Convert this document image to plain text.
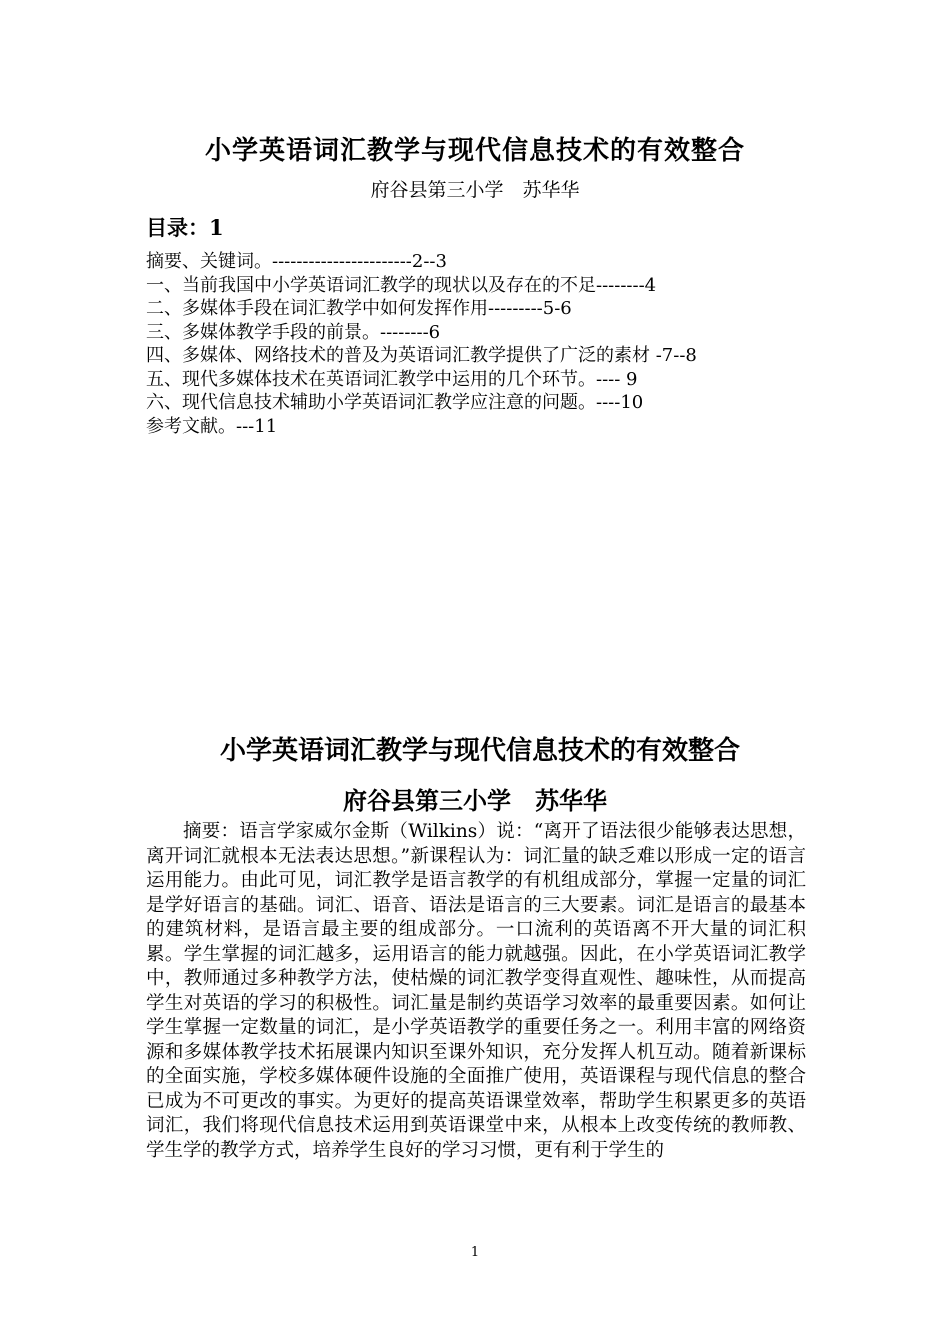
小学英语词汇教学与现代信息技术的有效整合
府谷县第三小学　苏华华
目录：1
摘要、关键词。-----------------------2--3
一、当前我国中小学英语词汇教学的现状以及存在的不足--------4
二、多媒体手段在词汇教学中如何发挥作用---------5-6
三、多媒体教学手段的前景。--------6
四、多媒体、网络技术的普及为英语词汇教学提供了广泛的素材 -7--8
五、现代多媒体技术在英语词汇教学中运用的几个环节。---- 9
六、现代信息技术辅助小学英语词汇教学应注意的问题。----10
参考文献。---11
小学英语词汇教学与现代信息技术的有效整合
府谷县第三小学　苏华华

摘要：语言学家威尔金斯（Wilkins）说：“离开了语法很少能够表达思想，离开词汇就根本无法表达思想。”新课程认为：词汇量的缺乏难以形成一定的语言运用能力。由此可见，词汇教学是语言教学的有机组成部分，掌握一定量的词汇是学好语言的基础。词汇、语音、语法是语言的三大要素。词汇是语言的最基本的建筑材料，是语言最主要的组成部分。一口流利的英语离不开大量的词汇积累。学生掌握的词汇越多，运用语言的能力就越强。因此，在小学英语词汇教学中，教师通过多种教学方法，使枯燥的词汇教学变得直观性、趣味性，从而提高学生对英语的学习的积极性。词汇量是制约英语学习效率的最重要因素。如何让学生掌握一定数量的词汇，是小学英语教学的重要任务之一。利用丰富的网络资源和多媒体教学技术拓展课内知识至课外知识，充分发挥人机互动。随着新课标的全面实施，学校多媒体硬件设施的全面推广使用，英语课程与现代信息的整合已成为不可更改的事实。为更好的提高英语课堂效率，帮助学生积累更多的英语词汇，我们将现代信息技术运用到英语课堂中来，从根本上改变传统的教师教、学生学的教学方式，培养学生良好的学习习惯，更有利于学生的

1
